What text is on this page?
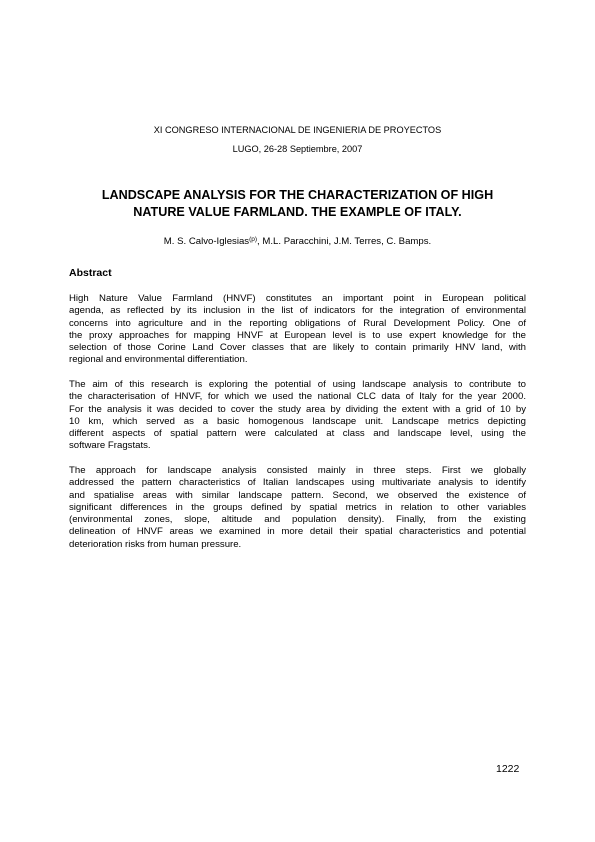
XI CONGRESO INTERNACIONAL DE INGENIERIA DE PROYECTOS
LUGO, 26-28 Septiembre, 2007
LANDSCAPE ANALYSIS FOR THE CHARACTERIZATION OF HIGH
NATURE VALUE FARMLAND. THE EXAMPLE OF ITALY.
M. S. Calvo-Iglesias$^{(p)}$, M.L. Paracchini, J.M. Terres, C. Bamps.
Abstract
High Nature Value Farmland (HNVF) constitutes an important point in European political
agenda, as reflected by its inclusion in the list of indicators for the integration of environmental
concerns into agriculture and in the reporting obligations of Rural Development Policy. One of
the proxy approaches for mapping HNVF at European level is to use expert knowledge for the
selection of those Corine Land Cover classes that are likely to contain primarily HNV land, with
regional and environmental differentiation.
The aim of this research is exploring the potential of using landscape analysis to contribute to
the characterisation of HNVF, for which we used the national CLC data of Italy for the year 2000.
For the analysis it was decided to cover the study area by dividing the extent with a grid of 10 by
10 km, which served as a basic homogenous landscape unit. Landscape metrics depicting
different aspects of spatial pattern were calculated at class and landscape level, using the
software Fragstats.
The approach for landscape analysis consisted mainly in three steps. First we globally
addressed the pattern characteristics of Italian landscapes using multivariate analysis to identify
and spatialise areas with similar landscape pattern. Second, we observed the existence of
significant differences in the groups defined by spatial metrics in relation to other variables
(environmental zones, slope, altitude and population density). Finally, from the existing
delineation of HNVF areas we examined in more detail their spatial characteristics and potential
deterioration risks from human pressure.
1222
